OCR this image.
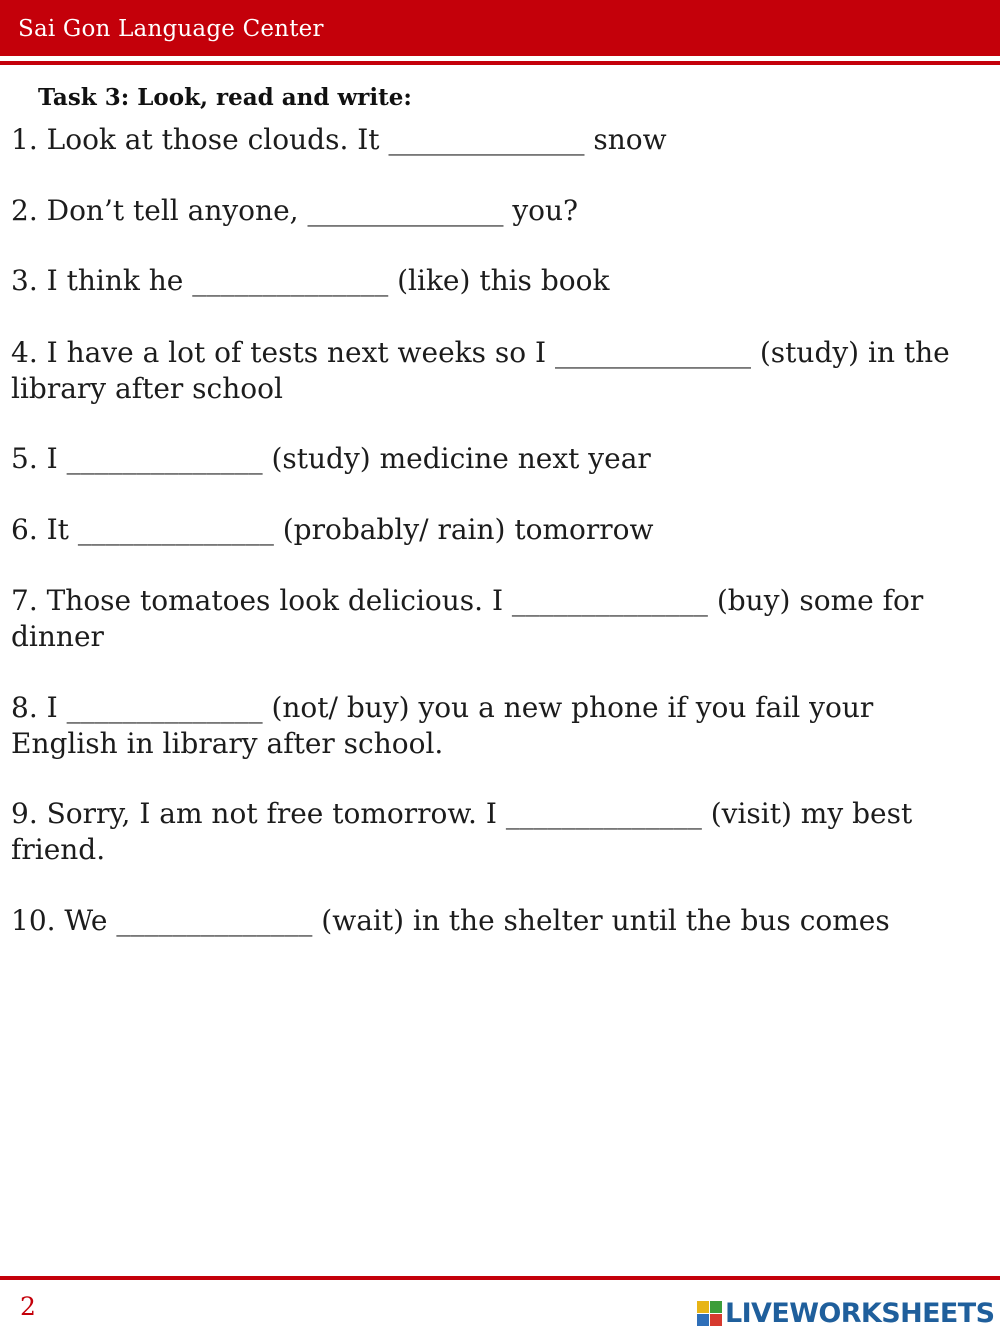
Sai Gon Language Center
Task 3: Look, read and write:
1. Look at those clouds. It ______________ snow
2. Don’t tell anyone, ______________ you?
3. I think he ______________ (like) this book
4. I have a lot of tests next weeks so I ______________ (study) in the library after school
5. I ______________ (study) medicine next year
6. It ______________ (probably/ rain) tomorrow
7. Those tomatoes look delicious. I ______________ (buy) some for dinner
8. I ______________ (not/ buy) you a new phone if you fail your English in library after school.
9. Sorry, I am not free tomorrow. I ______________ (visit) my best friend.
10. We ______________ (wait) in the shelter until the bus comes
2	LIVEWORKSHEETS
